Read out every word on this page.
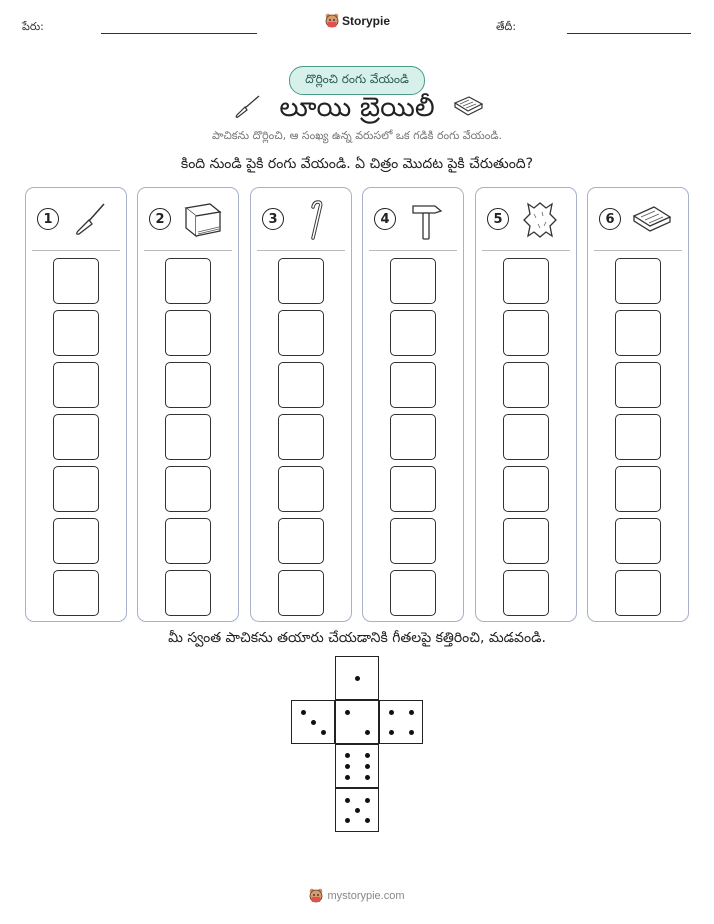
పేరు:	Storypie	తేదీ:
దొర్లించి రంగు వేయండి
లూయి బ్రెయిలీ
పాచికను దొర్లించి, ఆ సంఖ్య ఉన్న వరుసలో ఒక గడికి రంగు వేయండి.
కింది నుండి పైకి రంగు వేయండి. ఏ చిత్రం మొదట పైకి చేరుతుంది?
1	2	3	4	5	6
మీ స్వంత పాచికను తయారు చేయడానికి గీతలపై కత్తిరించి, మడవండి.
mystorypie.com
